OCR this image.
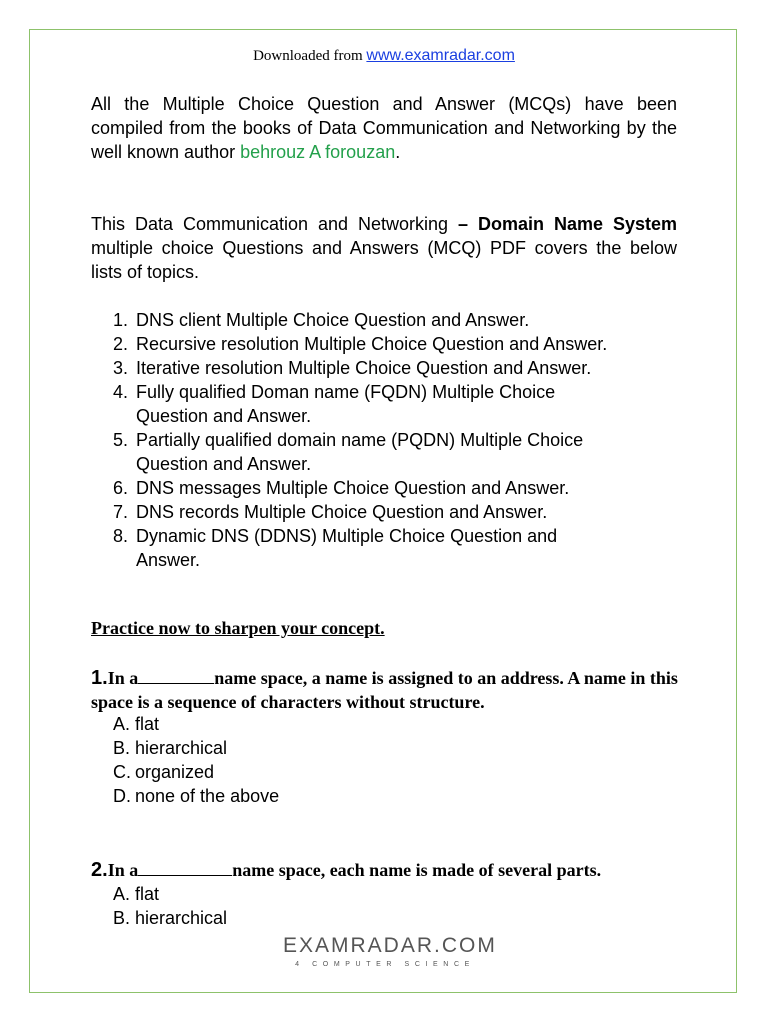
Downloaded from www.examradar.com
All the Multiple Choice Question and Answer (MCQs) have been compiled from the books of Data Communication and Networking by the well known author behrouz A forouzan.
This Data Communication and Networking – Domain Name System multiple choice Questions and Answers (MCQ) PDF covers the below lists of topics.
1. DNS client Multiple Choice Question and Answer.
2. Recursive resolution Multiple Choice Question and Answer.
3. Iterative resolution Multiple Choice Question and Answer.
4. Fully qualified Doman name (FQDN) Multiple Choice Question and Answer.
5. Partially qualified domain name (PQDN) Multiple Choice Question and Answer.
6. DNS messages Multiple Choice Question and Answer.
7. DNS records Multiple Choice Question and Answer.
8. Dynamic DNS (DDNS) Multiple Choice Question and Answer.
Practice now to sharpen your concept.
1.In a	name space, a name is assigned to an address. A name in this space is a sequence of characters without structure.
A. flat
B. hierarchical
C. organized
D. none of the above
2.In a	name space, each name is made of several parts.
A. flat
B. hierarchical
EXAMRADAR.COM
4 COMPUTER SCIENCE
